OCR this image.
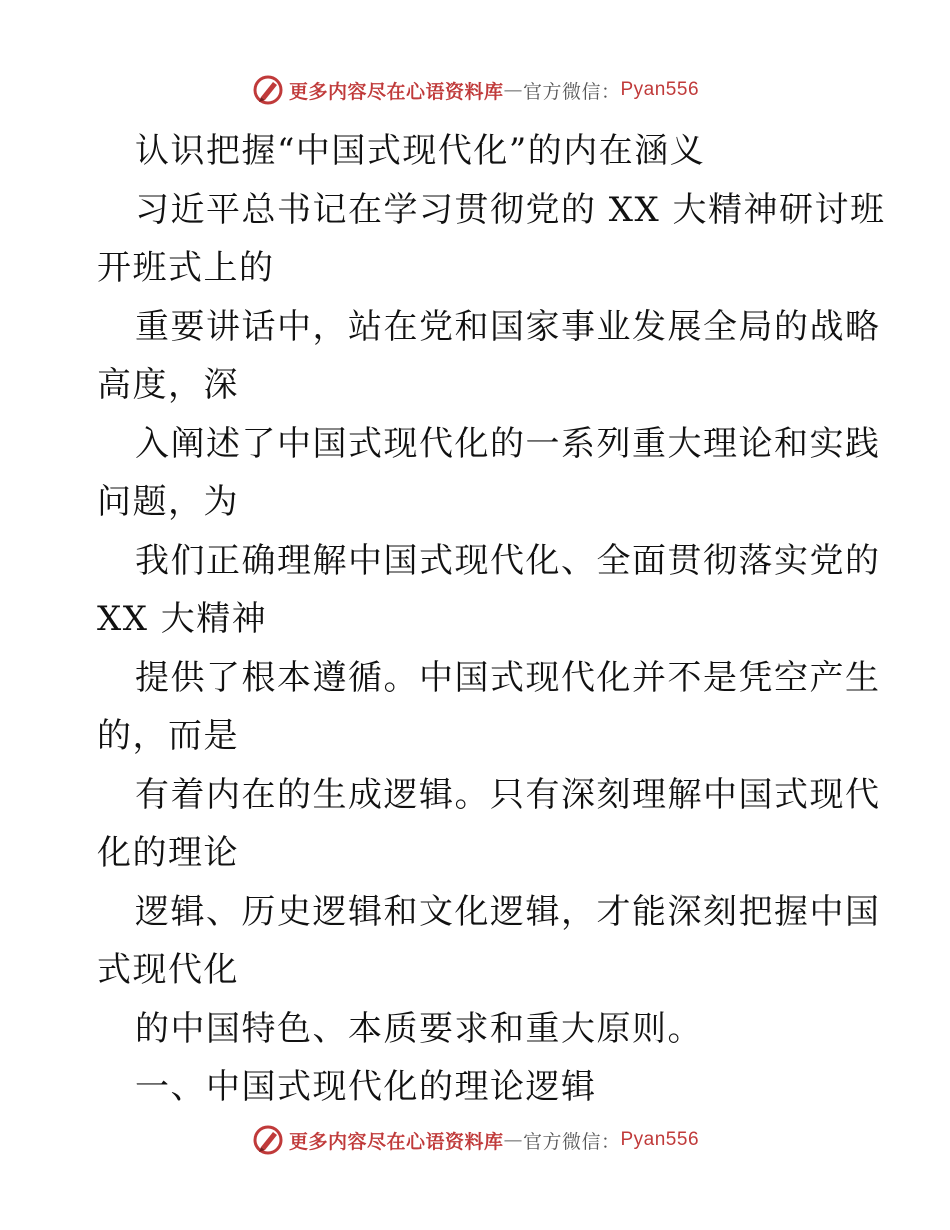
更多内容尽在心语资料库 — 官方微信： Pyan556
认识把握“中国式现代化”的内在涵义
习近平总书记在学习贯彻党的 XX 大精神研讨班
开班式上的
重要讲话中，站在党和国家事业发展全局的战略
高度，深
入阐述了中国式现代化的一系列重大理论和实践
问题，为
我们正确理解中国式现代化、全面贯彻落实党的
XX 大精神
提供了根本遵循。中国式现代化并不是凭空产生
的，而是
有着内在的生成逻辑。只有深刻理解中国式现代
化的理论
逻辑、历史逻辑和文化逻辑，才能深刻把握中国
式现代化
的中国特色、本质要求和重大原则。
一、中国式现代化的理论逻辑
更多内容尽在心语资料库 — 官方微信： Pyan556
